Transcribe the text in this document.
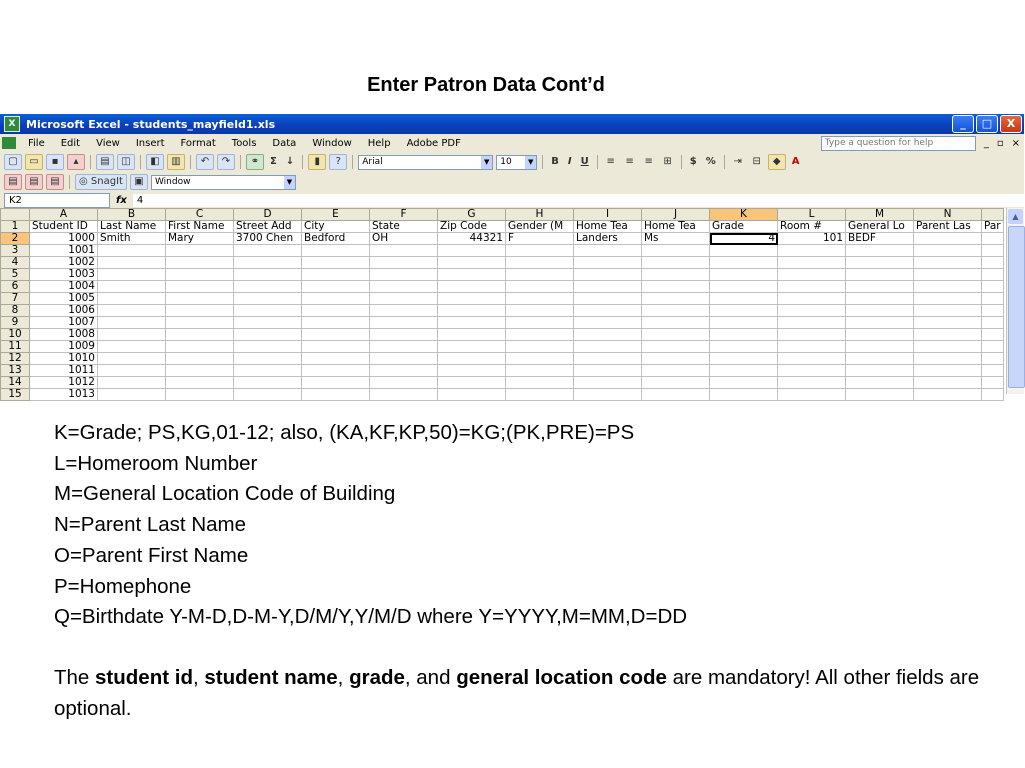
Enter Patron Data Cont’d
X Microsoft Excel - students_mayfield1.xls	_	□	X
File	Edit	View	Insert	Format	Tools	Data	Window	Help	Adobe PDF	Type a question for help	_ ▫ ×
▢	▭	▪	▴	▤	◫	◧	▥	↶	↷	⚭	Σ ↓	▮	?	Arial	▼	10	▼	B I U	≡	≡	≡	⊞	$ %	⇥	⊟	◆	A
▤	▤	▤	◎ SnagIt	▣	Window	▼
K2	fx	4
	A	B	C	D	E	F	G	H	I	J	K	L	M	N	
1	Student ID	Last Name	First Name	Street Add	City	State	Zip Code	Gender (M	Home Tea	Home Tea	Grade	Room #	General Lo	Parent Las	Par
2	1000	Smith	Mary	3700 Chen	Bedford	OH	44321	F	Landers	Ms	4	101	BEDF		
3	1001														
4	1002														
5	1003														
6	1004														
7	1005														
8	1006														
9	1007														
10	1008														
11	1009														
12	1010														
13	1011														
14	1012														
15	1013														
▲
K=Grade; PS,KG,01-12; also, (KA,KF,KP,50)=KG;(PK,PRE)=PS
L=Homeroom Number
M=General Location Code of Building
N=Parent Last Name
O=Parent First Name
P=Homephone
Q=Birthdate Y-M-D,D-M-Y,D/M/Y,Y/M/D where Y=YYYY,M=MM,D=DD
The student id, student name, grade, and general location code are mandatory! All other fields are optional.
